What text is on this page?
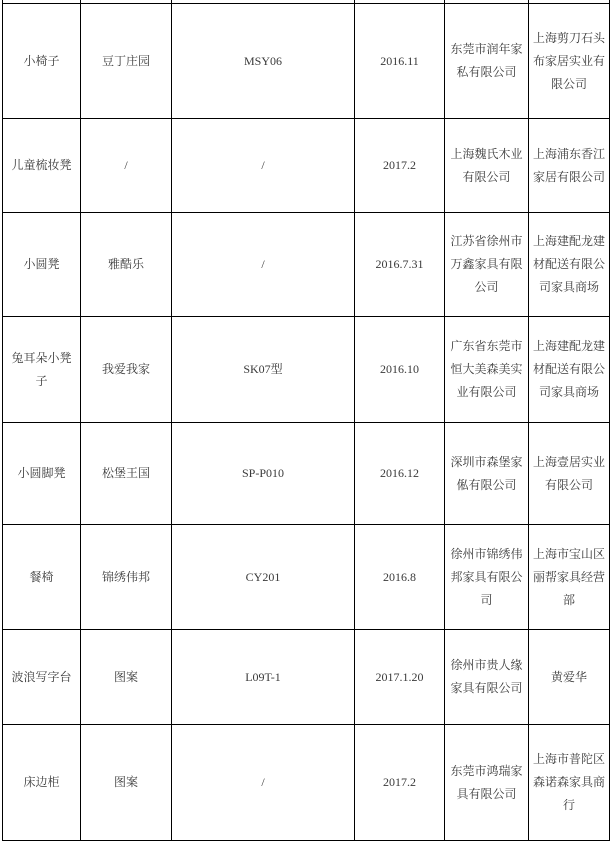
小椅子	豆丁庄园	MSY06	2016.11	东莞市润年家私有限公司	上海剪刀石头布家居实业有限公司
儿童梳妆凳	/	/	2017.2	上海魏氏木业有限公司	上海浦东香江家居有限公司
小圆凳	雅酷乐	/	2016.7.31	江苏省徐州市万鑫家具有限公司	上海建配龙建材配送有限公司家具商场
兔耳朵小凳子	我爱我家	SK07型	2016.10	广东省东莞市恒大美森美实业有限公司	上海建配龙建材配送有限公司家具商场
小圆脚凳	松堡王国	SP-P010	2016.12	深圳市森堡家俬有限公司	上海壹居实业有限公司
餐椅	锦绣伟邦	CY201	2016.8	徐州市锦绣伟邦家具有限公司	上海市宝山区丽帮家具经营部
波浪写字台	图案	L09T-1	2017.1.20	徐州市贵人缘家具有限公司	黄爱华
床边柜	图案	/	2017.2	东莞市鸿瑞家具有限公司	上海市普陀区森诺森家具商行
